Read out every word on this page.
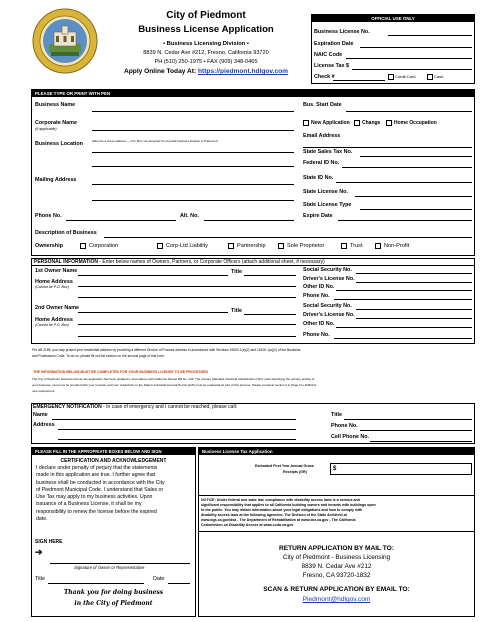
City of Piedmont
Business License Application
• Business Licensing Division •
8839 N. Cedar Ave #212, Fresno, California 93720
PH (510) 250-1975 • FAX (909) 348-0465
Apply Online Today At: https://piedmont.hdlgov.com
OFFICIAL USE ONLY
Business License No.
Expiration Date
NAIC Code
License Tax $
Check #	Credit Card	Cash
PLEASE TYPE OR PRINT WITH PEN
Business Name
Corporate Name
(If applicable)
Business Location	(Must be a street address — P.O. Box not accepted for physical business location in Piedmont)
Mailing Address
Phone No.	Alt. No.
Description of Business
Ownership	Corporation	Corp-Ltd Liability	Partnership	Sole Proprietor	Trust	Non-Profit
Bus. Start Date
New Application Change	Home Occupation
Email Address
State Sales Tax No.
Federal ID No.
State ID No.
State License No.
State License Type
Expire Date
PERSONAL INFORMATION - Enter below names of Owners, Partners, or Corporate Officers (attach additional sheet, if necessary)
1st Owner Name	Title
Home Address
(Cannot be P.O. Box)
Social Security No.
Driver's License No.
Other ID No.
Phone No.
2nd Owner Name	Title
Home Address
(Cannot be P.O. Box)
Social Security No.
Driver's License No.
Other ID No.
Phone No.
Per AB 2185, you may protect your residential address by providing a different Service of Process address in accordance with Sections 16000.1(a)(2) and 16100.1(a)(2) of the Business
and Professions Code. To do so, please fill out the section on the second page of this form.
THE INFORMATION BELOW MUST BE COMPLETED FOR YOUR BUSINESS LICENSE TO BE PROCESSED
The City of Piedmont business license tax application has been updated in accordance with California Senate Bill No. 246. The primary Standard Industrial Classification (SIC) code identifying the primary activity of
your business, must now be provided with your renewal, and your subjectivity to the State's Industrial General Permit (IGP) must be evaluated as part of this process. Please complete section 2 in Page 2 to fulfill this
new requirement.
EMERGENCY NOTIFICATION - In case of emergency and I cannot be reached, please call:
Name	Title
Address	Phone No.
Cell Phone No.
PLEASE FILL IN THE APPROPRIATE BOXES BELOW AND SIGN
CERTIFICATION AND ACKNOWLEDGEMENT
I declare under penalty of perjury that the statements
made in this application are true. I further agree that
business shall be conducted in accordance with the City
of Piedmont Municipal Code. I understand that Sales or
Use Tax may apply to my business activities. Upon
issuance of a Business License, it shall be my
responsibility to renew the license before the expired
date.
SIGN HERE
➔
Signature of Owner or Representative
Title	Date
Thank you for doing business
in the City of Piedmont
Business License Tax Application
Estimated First Year Annual Gross
Receipts (GR)	$
NOTICE: Under federal and state law, compliance with disability access laws is a serious and
significant responsibility that applies to all California building owners and tenants with buildings open
to the public. You may obtain information about your legal obligations and how to comply with
disability access laws at the following agencies: The Division of the State Architect at
www.dgs.ca.gov/dsa - The Department of Rehabilitation at www.dor.ca.gov - The California
Commission on Disability Access at www.ccda.ca.gov
RETURN APPLICATION BY MAIL TO:
City of Piedmont - Business Licensing
8839 N. Cedar Ave #212
Fresno, CA 93720-1832
SCAN & RETURN APPLICATION BY EMAIL TO:
Piedmont@hdlgov.com
